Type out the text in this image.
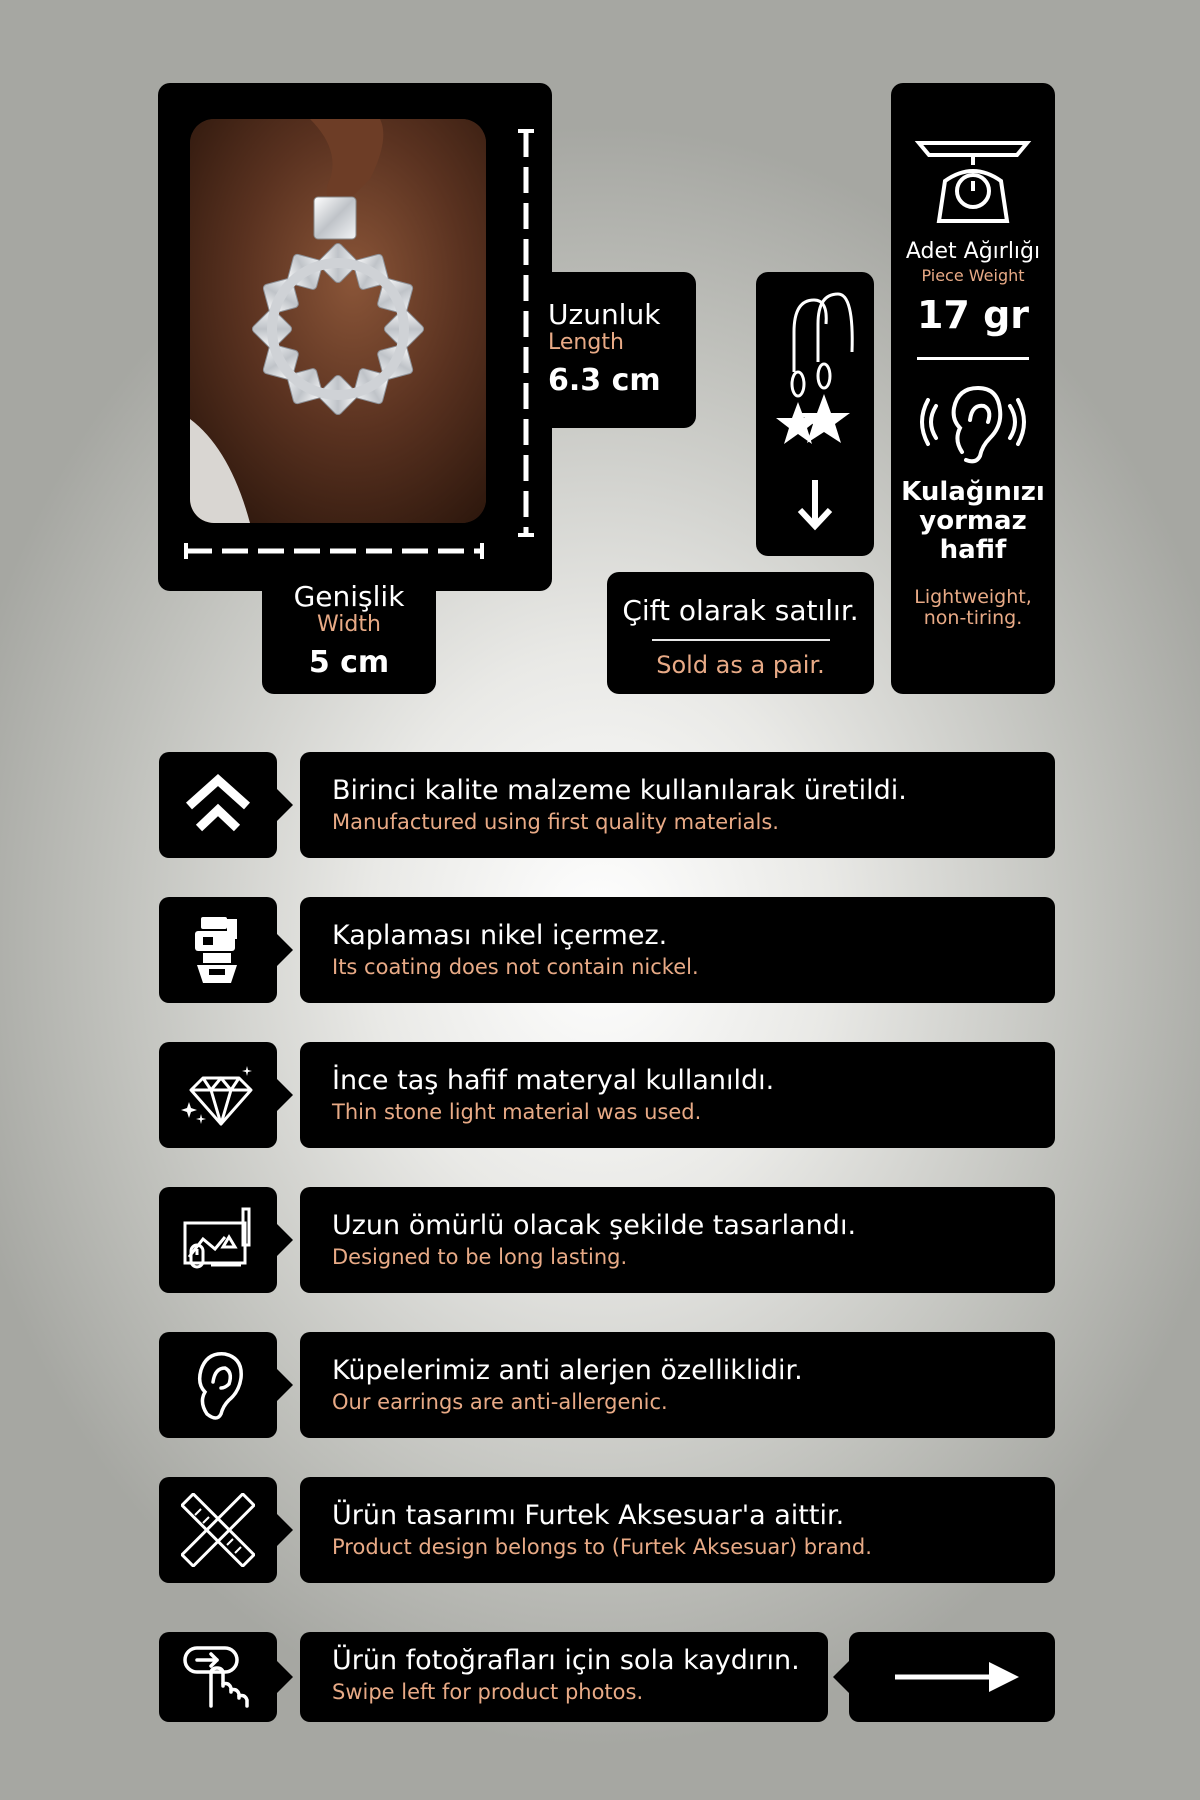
Uzunluk
Length
6.3 cm
Genişlik
Width
5 cm
Çift olarak satılır.
Sold as a pair.
Adet Ağırlığı
Piece Weight
17 gr
Kulağınızı
yormaz
hafif
Lightweight,
non-tiring.
Birinci kalite malzeme kullanılarak üretildi.
Manufactured using first quality materials.
Kaplaması nikel içermez.
Its coating does not contain nickel.
İnce taş hafif materyal kullanıldı.
Thin stone light material was used.
Uzun ömürlü olacak şekilde tasarlandı.
Designed to be long lasting.
Küpelerimiz anti alerjen özelliklidir.
Our earrings are anti-allergenic.
Ürün tasarımı Furtek Aksesuar'a aittir.
Product design belongs to (Furtek Aksesuar) brand.
Ürün fotoğrafları için sola kaydırın.
Swipe left for product photos.
